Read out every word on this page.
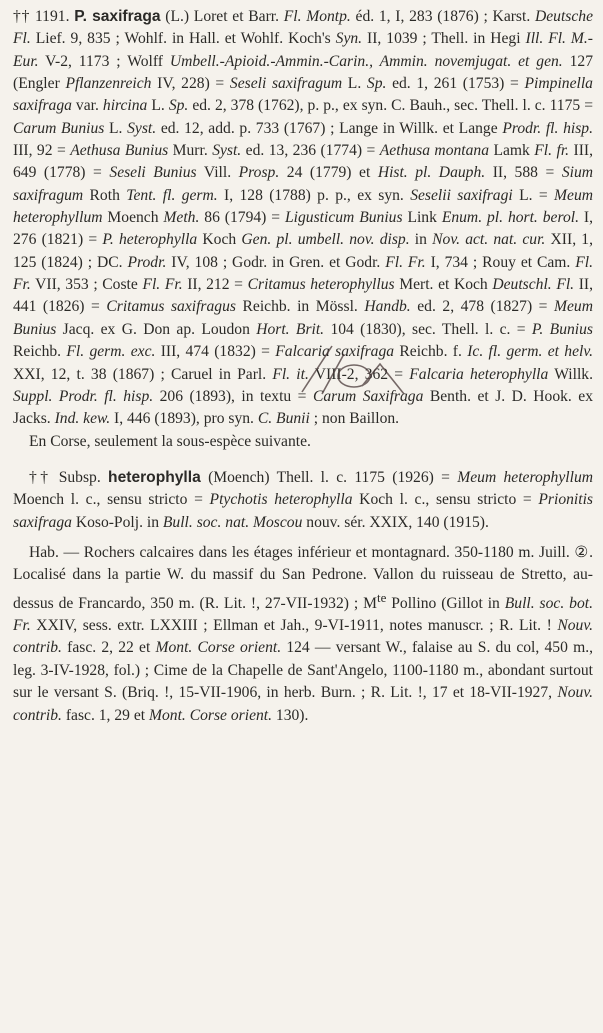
†† 1191. P. saxifraga (L.) Loret et Barr. Fl. Montp. éd. 1, I, 283 (1876) ; Karst. Deutsche Fl. Lief. 9, 835 ; Wohlf. in Hall. et Wohlf. Koch's Syn. II, 1039 ; Thell. in Hegi Ill. Fl. M.-Eur. V-2, 1173 ; Wolff Umbell.-Apioid.-Ammin.-Carin., Ammin. novemjugat. et gen. 127 (Engler Pflanzenreich IV, 228) = Seseli saxifragum L. Sp. ed. 1, 261 (1753) = Pimpinella saxifraga var. hircina L. Sp. ed. 2, 378 (1762), p. p., ex syn. C. Bauh., sec. Thell. l. c. 1175 = Carum Bunius L. Syst. ed. 12, add. p. 733 (1767) ; Lange in Willk. et Lange Prodr. fl. hisp. III, 92 = Aethusa Bunius Murr. Syst. ed. 13, 236 (1774) = Aethusa montana Lamk Fl. fr. III, 649 (1778) = Seseli Bunius Vill. Prosp. 24 (1779) et Hist. pl. Dauph. II, 588 = Sium saxifragum Roth Tent. fl. germ. I, 128 (1788) p. p., ex syn. Seselii saxifragi L. = Meum heterophyllum Moench Meth. 86 (1794) = Ligusticum Bunius Link Enum. pl. hort. berol. I, 276 (1821) = P. heterophylla Koch Gen. pl. umbell. nov. disp. in Nov. act. nat. cur. XII, 1, 125 (1824) ; DC. Prodr. IV, 108 ; Godr. in Gren. et Godr. Fl. Fr. I, 734 ; Rouy et Cam. Fl. Fr. VII, 353 ; Coste Fl. Fr. II, 212 = Critamus heterophyllus Mert. et Koch Deutschl. Fl. II, 441 (1826) = Critamus saxifragus Reichb. in Mössl. Handb. ed. 2, 478 (1827) = Meum Bunius Jacq. ex G. Don ap. Loudon Hort. Brit. 104 (1830), sec. Thell. l. c. = P. Bunius Reichb. Fl. germ. exc. III, 474 (1832) = Falcaria saxifraga Reichb. f. Ic. fl. germ. et helv. XXI, 12, t. 38 (1867) ; Caruel in Parl. Fl. it. VIII-2, 362 = Falcaria heterophylla Willk. Suppl. Prodr. fl. hisp. 206 (1893), in textu = Carum Saxifraga Benth. et J. D. Hook. ex Jacks. Ind. kew. I, 446 (1893), pro syn. C. Bunii ; non Baillon.

En Corse, seulement la sous-espèce suivante.

†† Subsp. heterophylla (Moench) Thell. l. c. 1175 (1926) = Meum heterophyllum Moench l. c., sensu stricto = Ptychotis heterophylla Koch l. c., sensu stricto = Prionitis saxifraga Koso-Polj. in Bull. soc. nat. Moscou nouv. sér. XXIX, 140 (1915).

Hab. — Rochers calcaires dans les étages inférieur et montagnard. 350-1180 m. Juill. ②. Localisé dans la partie W. du massif du San Pedrone. Vallon du ruisseau de Stretto, au-dessus de Francardo, 350 m. (R. Lit. !, 27-VII-1932) ; $M^{te}$ Pollino (Gillot in Bull. soc. bot. Fr. XXIV, sess. extr. LXXIII ; Ellman et Jah., 9-VI-1911, notes manuscr. ; R. Lit. ! Nouv. contrib. fasc. 2, 22 et Mont. Corse orient. 124 — versant W., falaise au S. du col, 450 m., leg. 3-IV-1928, fol.) ; Cime de la Chapelle de Sant'Angelo, 1100-1180 m., abondant surtout sur le versant S. (Briq. !, 15-VII-1906, in herb. Burn. ; R. Lit. !, 17 et 18-VII-1927, Nouv. contrib. fasc. 1, 29 et Mont. Corse orient. 130).
